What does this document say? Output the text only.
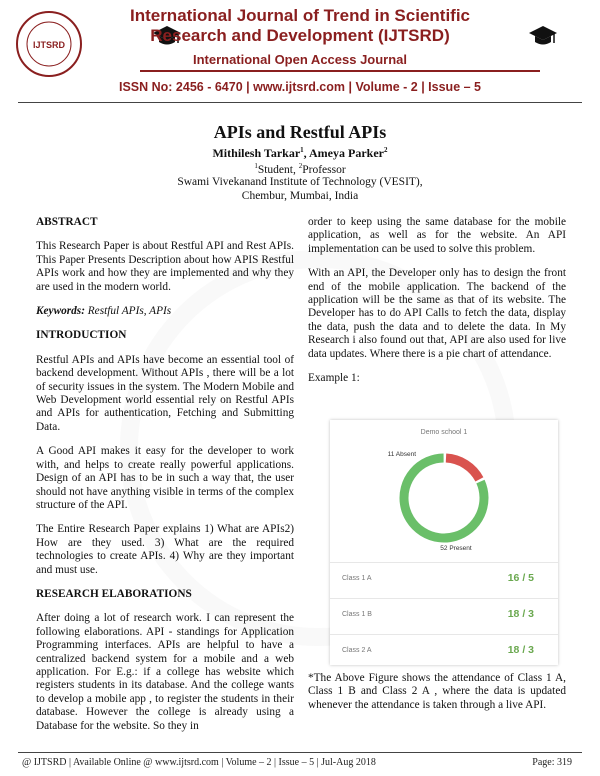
IJTSRD
International Journal of Trend in Scientific
Research and Development (IJTSRD)
International Open Access Journal
ISSN No: 2456 - 6470 | www.ijtsrd.com | Volume - 2 | Issue – 5
APIs and Restful APIs
Mithilesh Tarkar$^1$, Ameya Parker$^2$
$^1$Student, $^2$Professor
Swami Vivekanand Institute of Technology (VESIT),
Chembur, Mumbai, India

ABSTRACT

This Research Paper is about Restful API and Rest APIs. This Paper Presents Description about how APIS Restful APIs work and how they are implemented and why they are used in the modern world.

Keywords: Restful APIs, APIs

INTRODUCTION

Restful APIs and APIs have become an essential tool of backend development. Without APIs , there will be a lot of security issues in the system. The Modern Mobile and Web Development world essential rely on Restful APIs and APIs for authentication, Fetching and Submitting Data.

A Good API makes it easy for the developer to work with, and helps to create really powerful applications. Design of an API has to be in such a way that, the user should not have anything visible in terms of the complex structure of the API.

The Entire Research Paper explains 1) What are APIs2) How are they used. 3) What are the required technologies to create APIs. 4) Why are they important and must use.

RESEARCH ELABORATIONS

After doing a lot of research work. I can represent the following elaborations. API - standings for Application Programming interfaces. APIs are helpful to have a centralized backend system for a mobile and a web application. For E.g.: if a college has website which registers students in its database. And the college wants to develop a mobile app , to register the students in their database. However the college is already using a Database for the website. So they in

order to keep using the same database for the mobile application, as well as for the website. An API implementation can be used to solve this problem.

With an API, the Developer only has to design the front end of the mobile application. The backend of the application will be the same as that of its website. The Developer has to do API Calls to fetch the data, display the data, push the data and to delete the data. In My Research i also found out that, API are also used for live data updates. Where there is a pie chart of attendance.

Example 1:

Demo school 1
11 Absent
52 Present
Class 1 A	16 / 5
Class 1 B	18 / 3
Class 2 A	18 / 3
*The Above Figure shows the attendance of Class 1 A, Class 1 B and Class 2 A , where the data is updated whenever the attendance is taken through a live API.
@ IJTSRD | Available Online @ www.ijtsrd.com | Volume – 2 | Issue – 5 | Jul-Aug 2018	Page: 319
